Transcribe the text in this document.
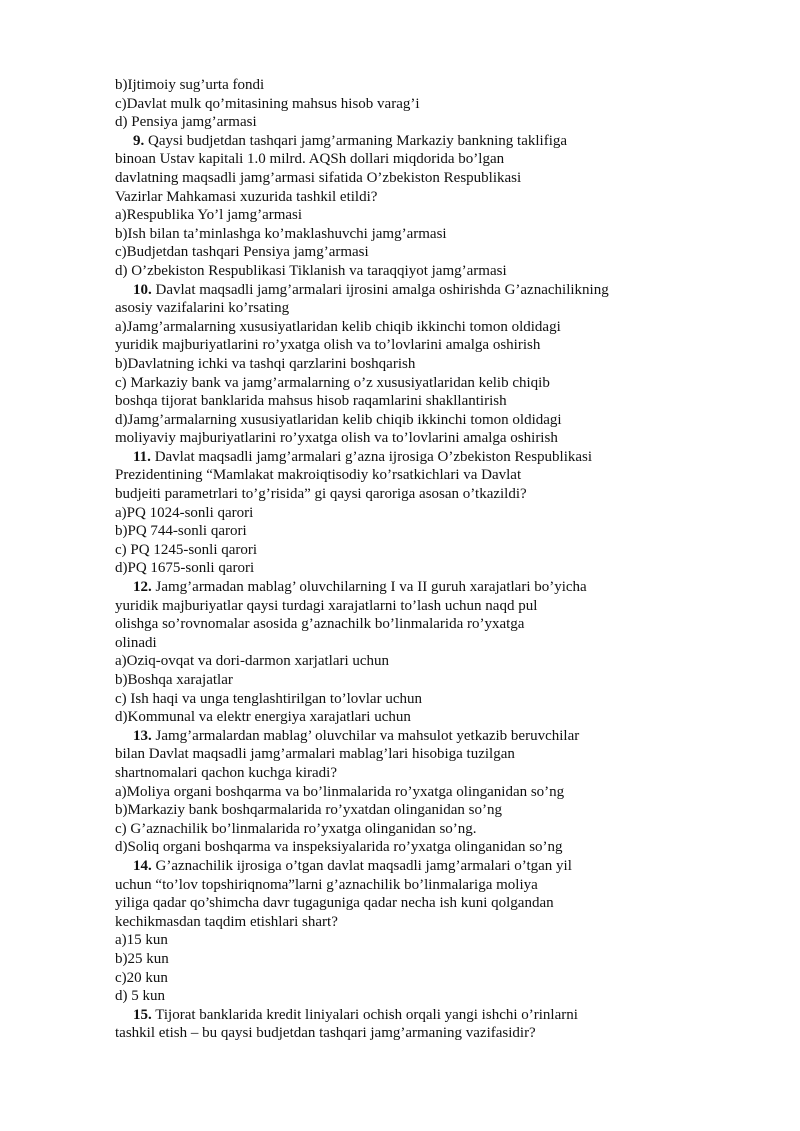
b)Ijtimoiy sug’urta fondi
c)Davlat mulk qo’mitasining mahsus hisob varag’i
d) Pensiya jamg’armasi
9. Qaysi budjetdan tashqari jamg’armaning Markaziy bankning taklifiga
binoan Ustav kapitali 1.0 milrd. AQSh dollari miqdorida bo’lgan
davlatning maqsadli jamg’armasi sifatida O’zbekiston Respublikasi
Vazirlar Mahkamasi xuzurida tashkil etildi?
a)Respublika Yo’l jamg’armasi
b)Ish bilan ta’minlashga ko’maklashuvchi jamg’armasi
c)Budjetdan tashqari Pensiya jamg’armasi
d) O’zbekiston Respublikasi Tiklanish va taraqqiyot jamg’armasi
10. Davlat maqsadli jamg’armalari ijrosini amalga oshirishda G’aznachilikning
asosiy vazifalarini ko’rsating
a)Jamg’armalarning xususiyatlaridan kelib chiqib ikkinchi tomon oldidagi
yuridik majburiyatlarini ro’yxatga olish va to’lovlarini amalga oshirish
b)Davlatning ichki va tashqi qarzlarini boshqarish
c) Markaziy bank va jamg’armalarning o’z xususiyatlaridan kelib chiqib
boshqa tijorat banklarida mahsus hisob raqamlarini shakllantirish
d)Jamg’armalarning xususiyatlaridan kelib chiqib ikkinchi tomon oldidagi
moliyaviy majburiyatlarini ro’yxatga olish va to’lovlarini amalga oshirish
11. Davlat maqsadli jamg’armalari g’azna ijrosiga O’zbekiston Respublikasi
Prezidentining “Mamlakat makroiqtisodiy ko’rsatkichlari va Davlat
budjeiti parametrlari to’g’risida” gi qaysi qaroriga asosan o’tkazildi?
a)PQ 1024-sonli qarori
b)PQ 744-sonli qarori
c) PQ 1245-sonli qarori
d)PQ 1675-sonli qarori
12. Jamg’armadan mablag’ oluvchilarning I va II guruh xarajatlari bo’yicha
yuridik majburiyatlar qaysi turdagi xarajatlarni to’lash uchun naqd pul
olishga so’rovnomalar asosida g’aznachilk bo’linmalarida ro’yxatga
olinadi
a)Oziq-ovqat va dori-darmon xarjatlari uchun
b)Boshqa xarajatlar
c) Ish haqi va unga tenglashtirilgan to’lovlar uchun
d)Kommunal va elektr energiya xarajatlari uchun
13. Jamg’armalardan mablag’ oluvchilar va mahsulot yetkazib beruvchilar
bilan Davlat maqsadli jamg’armalari mablag’lari hisobiga tuzilgan
shartnomalari qachon kuchga kiradi?
a)Moliya organi boshqarma va bo’linmalarida ro’yxatga olinganidan so’ng
b)Markaziy bank boshqarmalarida ro’yxatdan olinganidan so’ng
c) G’aznachilik bo’linmalarida ro’yxatga olinganidan so’ng.
d)Soliq organi boshqarma va inspeksiyalarida ro’yxatga olinganidan so’ng
14. G’aznachilik ijrosiga o’tgan davlat maqsadli jamg’armalari o’tgan yil
uchun “to’lov topshiriqnoma”larni g’aznachilik bo’linmalariga moliya
yiliga qadar qo’shimcha davr tugaguniga qadar necha ish kuni qolgandan
kechikmasdan taqdim etishlari shart?
a)15 kun
b)25 kun
c)20 kun
d) 5 kun
15. Tijorat banklarida kredit liniyalari ochish orqali yangi ishchi o’rinlarni
tashkil etish – bu qaysi budjetdan tashqari jamg’armaning vazifasidir?
